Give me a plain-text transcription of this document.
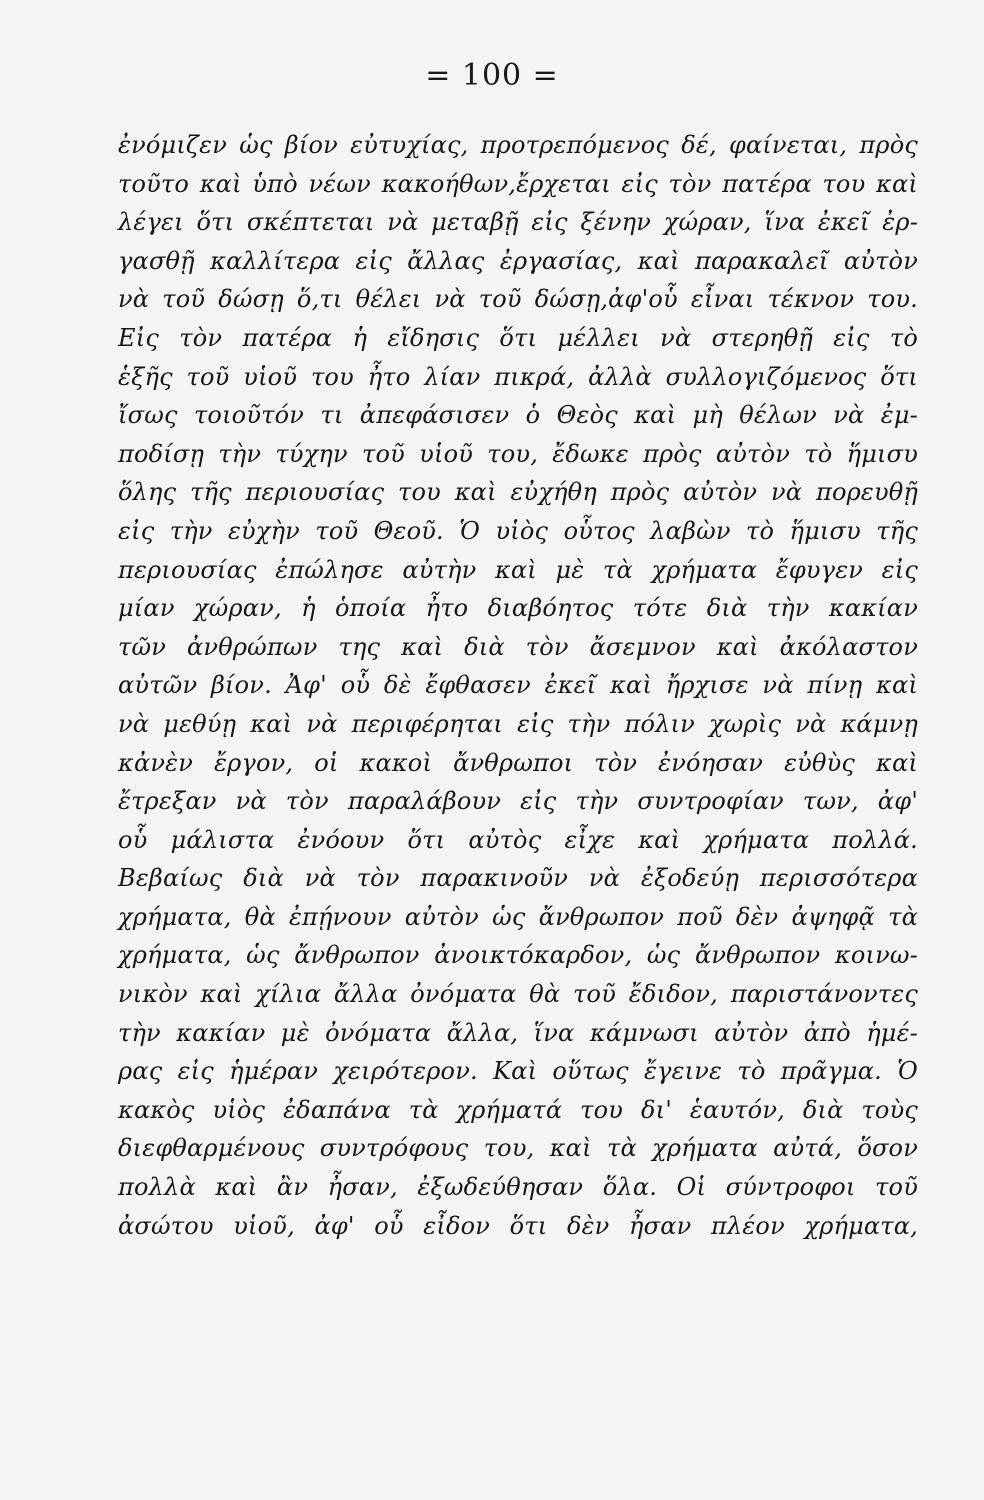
= 100 =
ἐνόμιζεν ὡς βίον εὐτυχίας, προτρεπόμενος δέ, φαίνεται, πρὸς
τοῦτο καὶ ὑπὸ νέων κακοήθων,ἔρχεται εἰς τὸν πατέρα του καὶ
λέγει ὅτι σκέπτεται νὰ μεταβῇ εἰς ξένην χώραν, ἵνα ἐκεῖ ἐρ-
γασθῇ καλλίτερα εἰς ἄλλας ἐργασίας, καὶ παρακαλεῖ αὐτὸν
νὰ τοῦ δώσῃ ὅ,τι θέλει νὰ τοῦ δώσῃ,ἀφ'οὗ εἶναι τέκνον του.
Εἰς τὸν πατέρα ἡ εἴδησις ὅτι μέλλει νὰ στερηθῇ εἰς τὸ
ἑξῆς τοῦ υἱοῦ του ἦτο λίαν πικρά, ἀλλὰ συλλογιζόμενος ὅτι
ἴσως τοιοῦτόν τι ἀπεφάσισεν ὁ Θεὸς καὶ μὴ θέλων νὰ ἐμ-
ποδίσῃ τὴν τύχην τοῦ υἱοῦ του, ἔδωκε πρὸς αὐτὸν τὸ ἥμισυ
ὅλης τῆς περιουσίας του καὶ εὐχήθη πρὸς αὐτὸν νὰ πορευθῇ
εἰς τὴν εὐχὴν τοῦ Θεοῦ. Ὁ υἱὸς οὗτος λαβὼν τὸ ἥμισυ τῆς
περιουσίας ἐπώλησε αὐτὴν καὶ μὲ τὰ χρήματα ἔφυγεν εἰς
μίαν χώραν, ἡ ὁποία ἦτο διαβόητος τότε διὰ τὴν κακίαν
τῶν ἀνθρώπων της καὶ διὰ τὸν ἄσεμνον καὶ ἀκόλαστον
αὐτῶν βίον. Ἀφ' οὗ δὲ ἔφθασεν ἐκεῖ καὶ ἤρχισε νὰ πίνῃ καὶ
νὰ μεθύῃ καὶ νὰ περιφέρηται εἰς τὴν πόλιν χωρὶς νὰ κάμνῃ
κἀνὲν ἔργον, οἱ κακοὶ ἄνθρωποι τὸν ἐνόησαν εὐθὺς καὶ
ἔτρεξαν νὰ τὸν παραλάβουν εἰς τὴν συντροφίαν των, ἀφ'
οὗ μάλιστα ἐνόουν ὅτι αὐτὸς εἶχε καὶ χρήματα πολλά.
Βεβαίως διὰ νὰ τὸν παρακινοῦν νὰ ἐξοδεύῃ περισσότερα
χρήματα, θὰ ἐπῄνουν αὐτὸν ὡς ἄνθρωπον ποῦ δὲν ἀψηφᾷ τὰ
χρήματα, ὡς ἄνθρωπον ἀνοικτόκαρδον, ὡς ἄνθρωπον κοινω-
νικὸν καὶ χίλια ἄλλα ὀνόματα θὰ τοῦ ἔδιδον, παριστάνοντες
τὴν κακίαν μὲ ὀνόματα ἄλλα, ἵνα κάμνωσι αὐτὸν ἀπὸ ἡμέ-
ρας εἰς ἡμέραν χειρότερον. Καὶ οὕτως ἔγεινε τὸ πρᾶγμα. Ὁ
κακὸς υἱὸς ἐδαπάνα τὰ χρήματά του δι' ἑαυτόν, διὰ τοὺς
διεφθαρμένους συντρόφους του, καὶ τὰ χρήματα αὐτά, ὅσον
πολλὰ καὶ ἂν ἦσαν, ἐξωδεύθησαν ὅλα. Οἱ σύντροφοι τοῦ
ἀσώτου υἱοῦ, ἀφ' οὗ εἶδον ὅτι δὲν ἦσαν πλέον χρήματα,
